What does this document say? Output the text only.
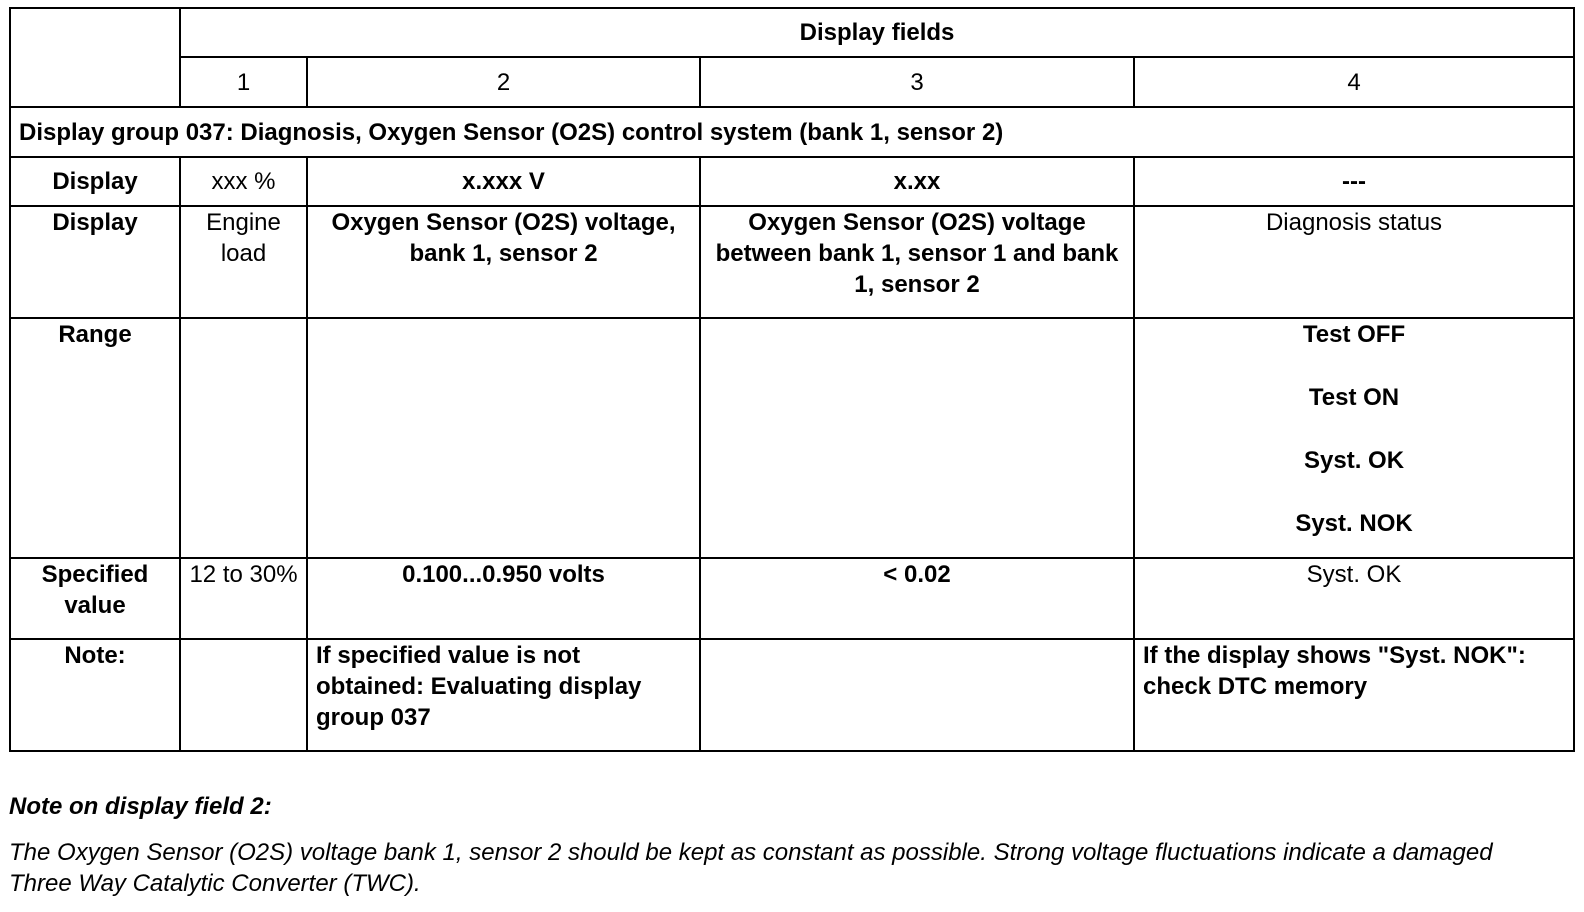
	Display fields			
	1	2	3	4
Display group 037: Diagnosis, Oxygen Sensor (O2S) control system (bank 1, sensor 2)				
Display	xxx %	x.xxx V	x.xx	---
Display	Engine load	Oxygen Sensor (O2S) voltage, bank 1, sensor 2	Oxygen Sensor (O2S) voltage between bank 1, sensor 1 and bank 1, sensor 2	Diagnosis status
Range				Test OFF
Test ON
Syst. OK
Syst. NOK

Specified value	12 to 30%	0.100...0.950 volts	< 0.02	Syst. OK
Note:		If specified value is not obtained: Evaluating display group 037		If the display shows "Syst. NOK": check DTC memory

Note on display field 2:

The Oxygen Sensor (O2S) voltage bank 1, sensor 2 should be kept as constant as possible. Strong voltage fluctuations indicate a damaged Three Way Catalytic Converter (TWC).
